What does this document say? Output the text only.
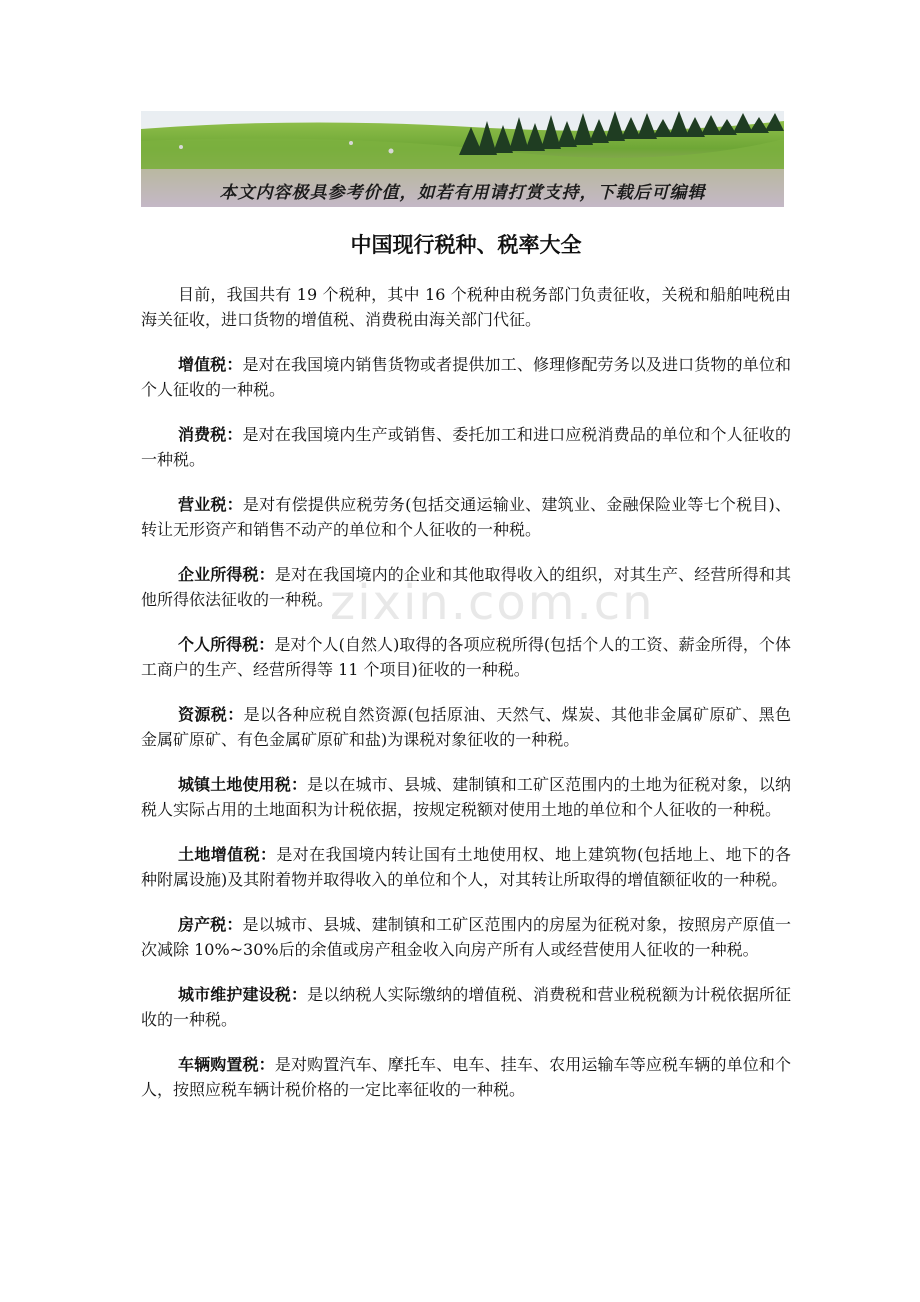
本文内容极具参考价值，如若有用请打赏支持，下载后可编辑
zixin.com.cn
中国现行税种、税率大全

目前，我国共有 19 个税种，其中 16 个税种由税务部门负责征收，关税和船舶吨税由海关征收，进口货物的增值税、消费税由海关部门代征。

增值税：是对在我国境内销售货物或者提供加工、修理修配劳务以及进口货物的单位和个人征收的一种税。

消费税：是对在我国境内生产或销售、委托加工和进口应税消费品的单位和个人征收的一种税。

营业税：是对有偿提供应税劳务(包括交通运输业、建筑业、金融保险业等七个税目)、转让无形资产和销售不动产的单位和个人征收的一种税。

企业所得税：是对在我国境内的企业和其他取得收入的组织，对其生产、经营所得和其他所得依法征收的一种税。

个人所得税：是对个人(自然人)取得的各项应税所得(包括个人的工资、薪金所得，个体工商户的生产、经营所得等 11 个项目)征收的一种税。

资源税：是以各种应税自然资源(包括原油、天然气、煤炭、其他非金属矿原矿、黑色金属矿原矿、有色金属矿原矿和盐)为课税对象征收的一种税。

城镇土地使用税：是以在城市、县城、建制镇和工矿区范围内的土地为征税对象，以纳税人实际占用的土地面积为计税依据，按规定税额对使用土地的单位和个人征收的一种税。

土地增值税：是对在我国境内转让国有土地使用权、地上建筑物(包括地上、地下的各种附属设施)及其附着物并取得收入的单位和个人，对其转让所取得的增值额征收的一种税。

房产税：是以城市、县城、建制镇和工矿区范围内的房屋为征税对象，按照房产原值一次减除 10%~30%后的余值或房产租金收入向房产所有人或经营使用人征收的一种税。

城市维护建设税：是以纳税人实际缴纳的增值税、消费税和营业税税额为计税依据所征收的一种税。

车辆购置税：是对购置汽车、摩托车、电车、挂车、农用运输车等应税车辆的单位和个人，按照应税车辆计税价格的一定比率征收的一种税。
